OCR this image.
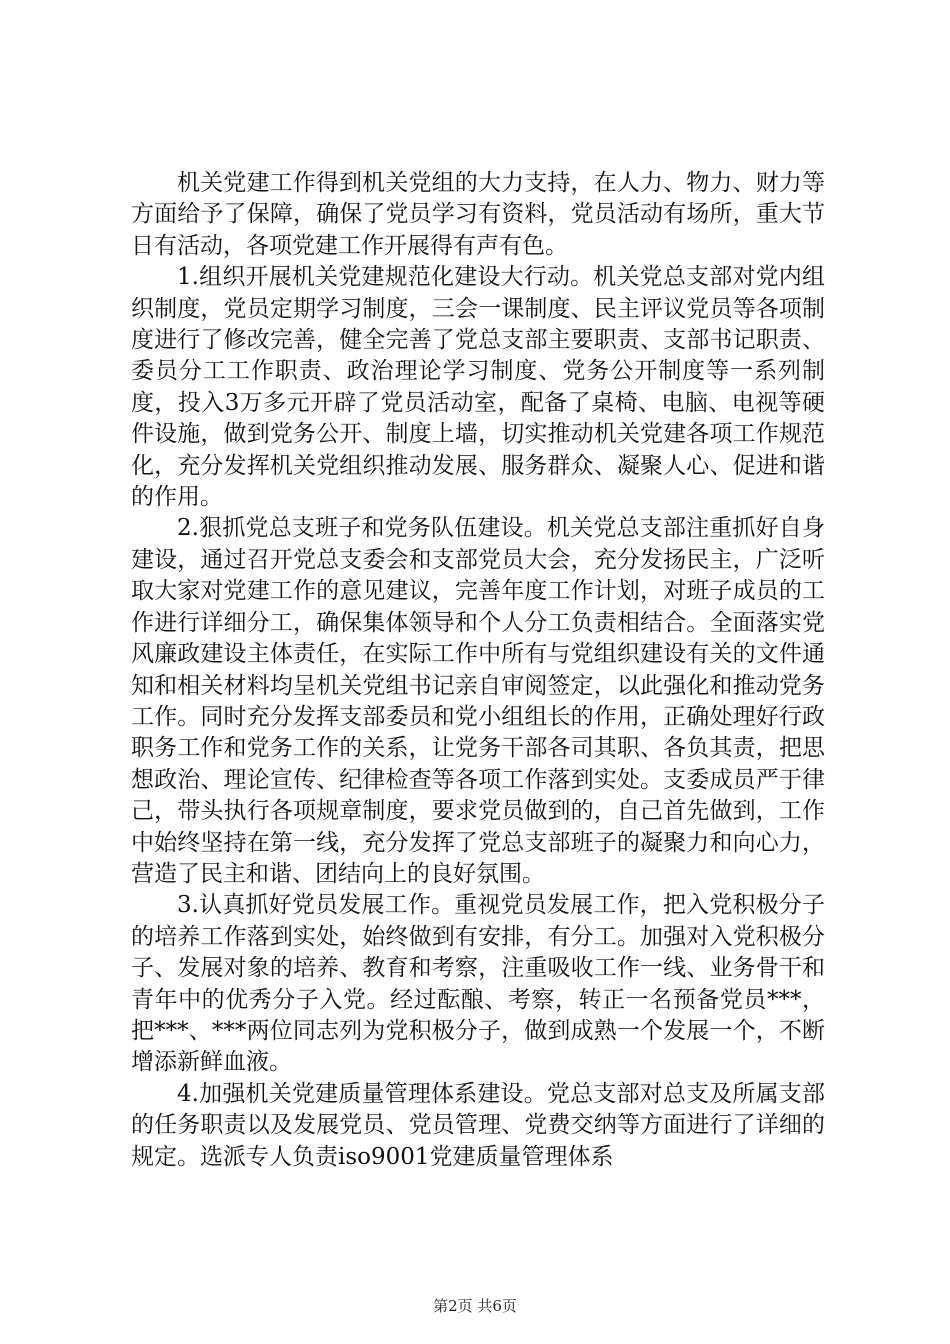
机关党建工作得到机关党组的大力支持，在人力、物力、财力等方面给予了保障，确保了党员学习有资料，党员活动有场所，重大节日有活动，各项党建工作开展得有声有色。

1.组织开展机关党建规范化建设大行动。机关党总支部对党内组织制度，党员定期学习制度，三会一课制度、民主评议党员等各项制度进行了修改完善，健全完善了党总支部主要职责、支部书记职责、委员分工工作职责、政治理论学习制度、党务公开制度等一系列制度，投入3万多元开辟了党员活动室，配备了桌椅、电脑、电视等硬件设施，做到党务公开、制度上墙，切实推动机关党建各项工作规范化，充分发挥机关党组织推动发展、服务群众、凝聚人心、促进和谐的作用。

2.狠抓党总支班子和党务队伍建设。机关党总支部注重抓好自身建设，通过召开党总支委会和支部党员大会，充分发扬民主，广泛听取大家对党建工作的意见建议，完善年度工作计划，对班子成员的工作进行详细分工，确保集体领导和个人分工负责相结合。全面落实党风廉政建设主体责任，在实际工作中所有与党组织建设有关的文件通知和相关材料均呈机关党组书记亲自审阅签定，以此强化和推动党务工作。同时充分发挥支部委员和党小组组长的作用，正确处理好行政职务工作和党务工作的关系，让党务干部各司其职、各负其责，把思想政治、理论宣传、纪律检查等各项工作落到实处。支委成员严于律己，带头执行各项规章制度，要求党员做到的，自己首先做到，工作中始终坚持在第一线，充分发挥了党总支部班子的凝聚力和向心力，营造了民主和谐、团结向上的良好氛围。

3.认真抓好党员发展工作。重视党员发展工作，把入党积极分子的培养工作落到实处，始终做到有安排，有分工。加强对入党积极分子、发展对象的培养、教育和考察，注重吸收工作一线、业务骨干和青年中的优秀分子入党。经过酝酿、考察，转正一名预备党员***，把***、***两位同志列为党积极分子，做到成熟一个发展一个，不断增添新鲜血液。

4.加强机关党建质量管理体系建设。党总支部对总支及所属支部的任务职责以及发展党员、党员管理、党费交纳等方面进行了详细的规定。选派专人负责iso9001党建质量管理体系

第2页 共6页
